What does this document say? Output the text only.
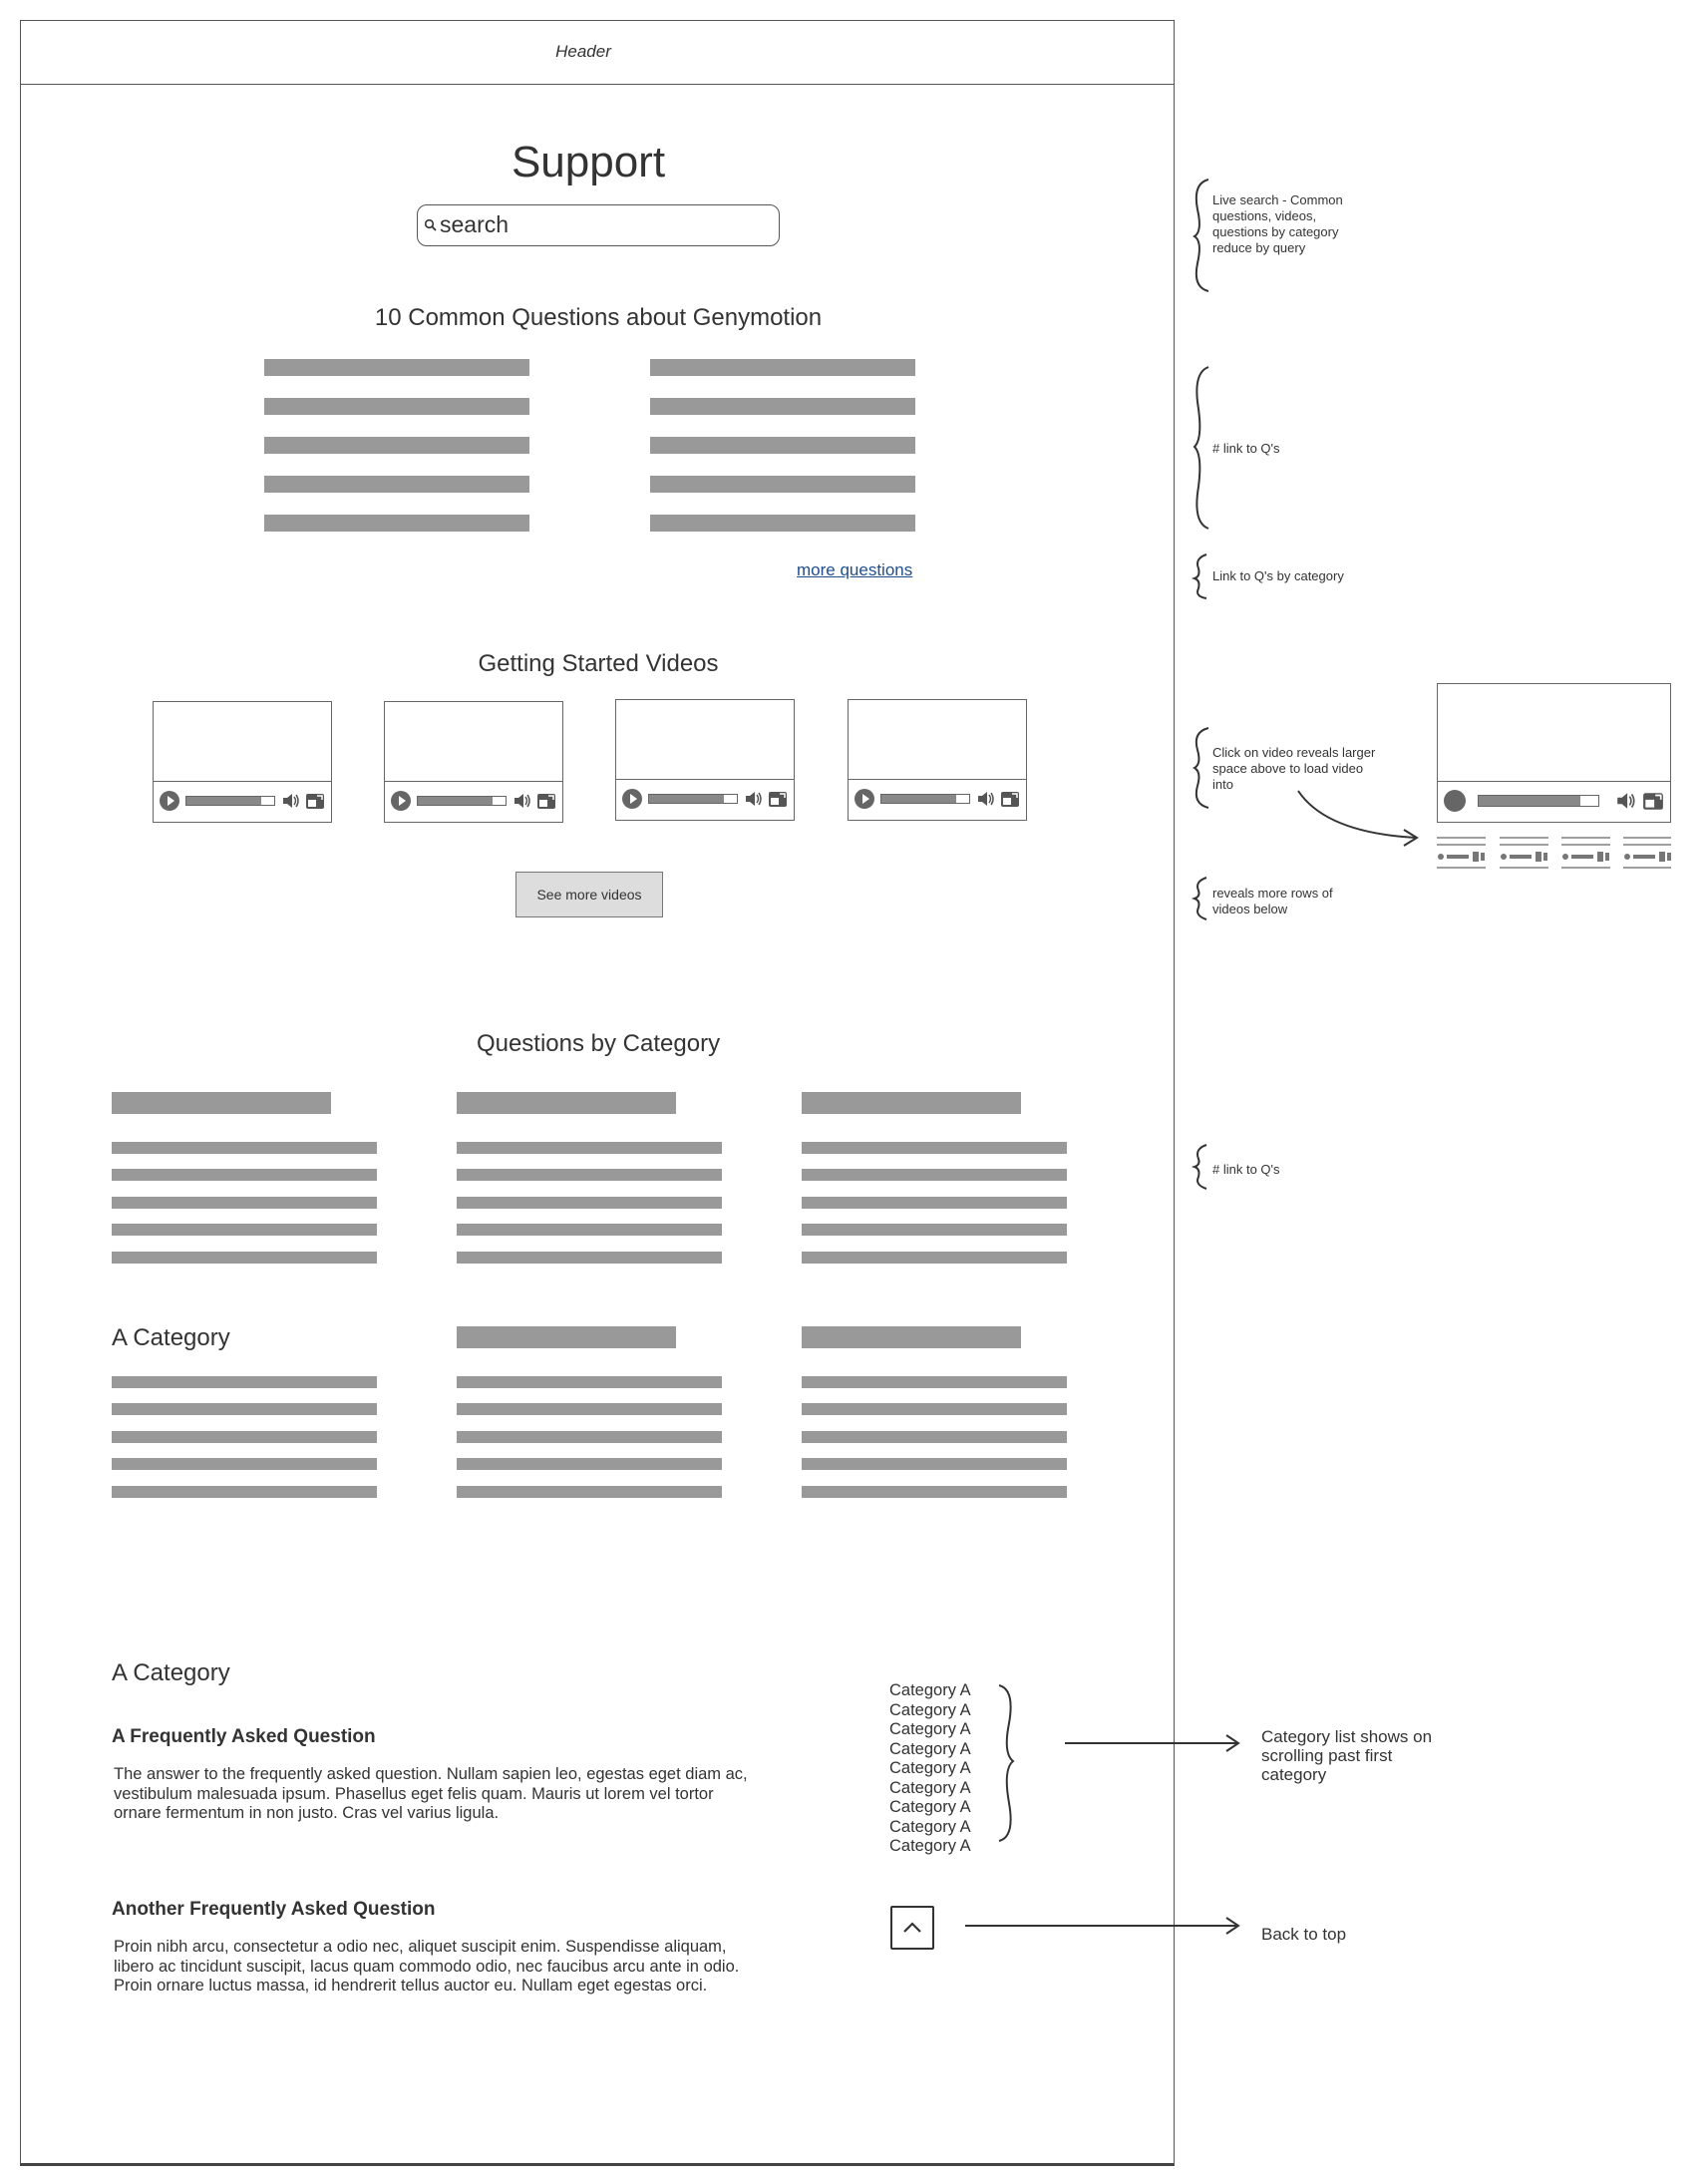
Header
Support
search
10 Common Questions about Genymotion
more questions
Getting Started Videos
See more videos
Questions by Category
A Category
A Category
A Frequently Asked Question
The answer to the frequently asked question. Nullam sapien leo, egestas eget diam ac, vestibulum malesuada ipsum. Phasellus eget felis quam. Mauris ut lorem vel tortor ornare fermentum in non justo. Cras vel varius ligula.
Another Frequently Asked Question
Proin nibh arcu, consectetur a odio nec, aliquet suscipit enim. Suspendisse aliquam, libero ac tincidunt suscipit, lacus quam commodo odio, nec faucibus arcu ante in odio. Proin ornare luctus massa, id hendrerit tellus auctor eu. Nullam eget egestas orci.
Category A
Category A
Category A
Category A
Category A
Category A
Category A
Category A
Category A
Live search - Common questions, videos, questions by category reduce by query
# link to Q's
Link to Q's by category
Click on video reveals larger space above to load video into
reveals more rows of videos below
# link to Q's
Category list shows on scrolling past first category
Back to top
